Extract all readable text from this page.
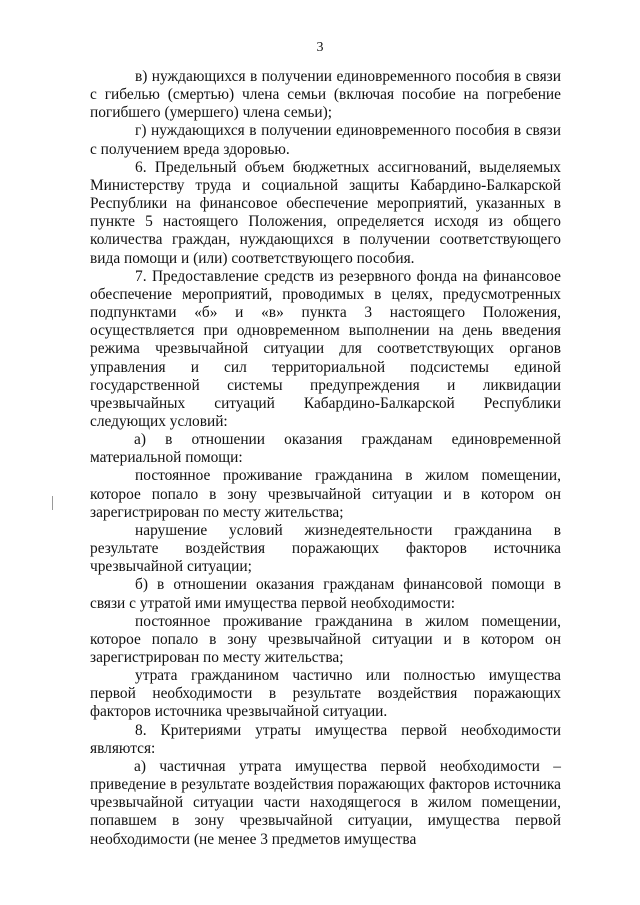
3

в) нуждающихся в получении единовременного пособия в связи с гибелью (смертью) члена семьи (включая пособие на погребение погибшего (умершего) члена семьи);

г) нуждающихся в получении единовременного пособия в связи с получением вреда здоровью.

6. Предельный объем бюджетных ассигнований, выделяемых Министерству труда и социальной защиты Кабардино-Балкарской Республики на финансовое обеспечение мероприятий, указанных в пункте 5 настоящего Положения, определяется исходя из общего количества граждан, нуждающихся в получении соответствующего вида помощи и (или) соответствующего пособия.

7. Предоставление средств из резервного фонда на финансовое обеспечение мероприятий, проводимых в целях, предусмотренных подпунктами «б» и «в» пункта 3 настоящего Положения, осуществляется при одновременном выполнении на день введения режима чрезвычайной ситуации для соответствующих органов управления и сил территориальной подсистемы единой государственной системы предупреждения и ликвидации чрезвычайных ситуаций Кабардино-Балкарской Республики следующих условий:

а) в отношении оказания гражданам единовременной материальной помощи:

постоянное проживание гражданина в жилом помещении, которое попало в зону чрезвычайной ситуации и в котором он зарегистрирован по месту жительства;

нарушение условий жизнедеятельности гражданина в результате воздействия поражающих факторов источника чрезвычайной ситуации;

б) в отношении оказания гражданам финансовой помощи в связи с утратой ими имущества первой необходимости:

постоянное проживание гражданина в жилом помещении, которое попало в зону чрезвычайной ситуации и в котором он зарегистрирован по месту жительства;

утрата гражданином частично или полностью имущества первой необходимости в результате воздействия поражающих факторов источника чрезвычайной ситуации.

8. Критериями утраты имущества первой необходимости являются:

а) частичная утрата имущества первой необходимости – приведение в результате воздействия поражающих факторов источника чрезвычайной ситуации части находящегося в жилом помещении, попавшем в зону чрезвычайной ситуации, имущества первой необходимости (не менее 3 предметов имущества
